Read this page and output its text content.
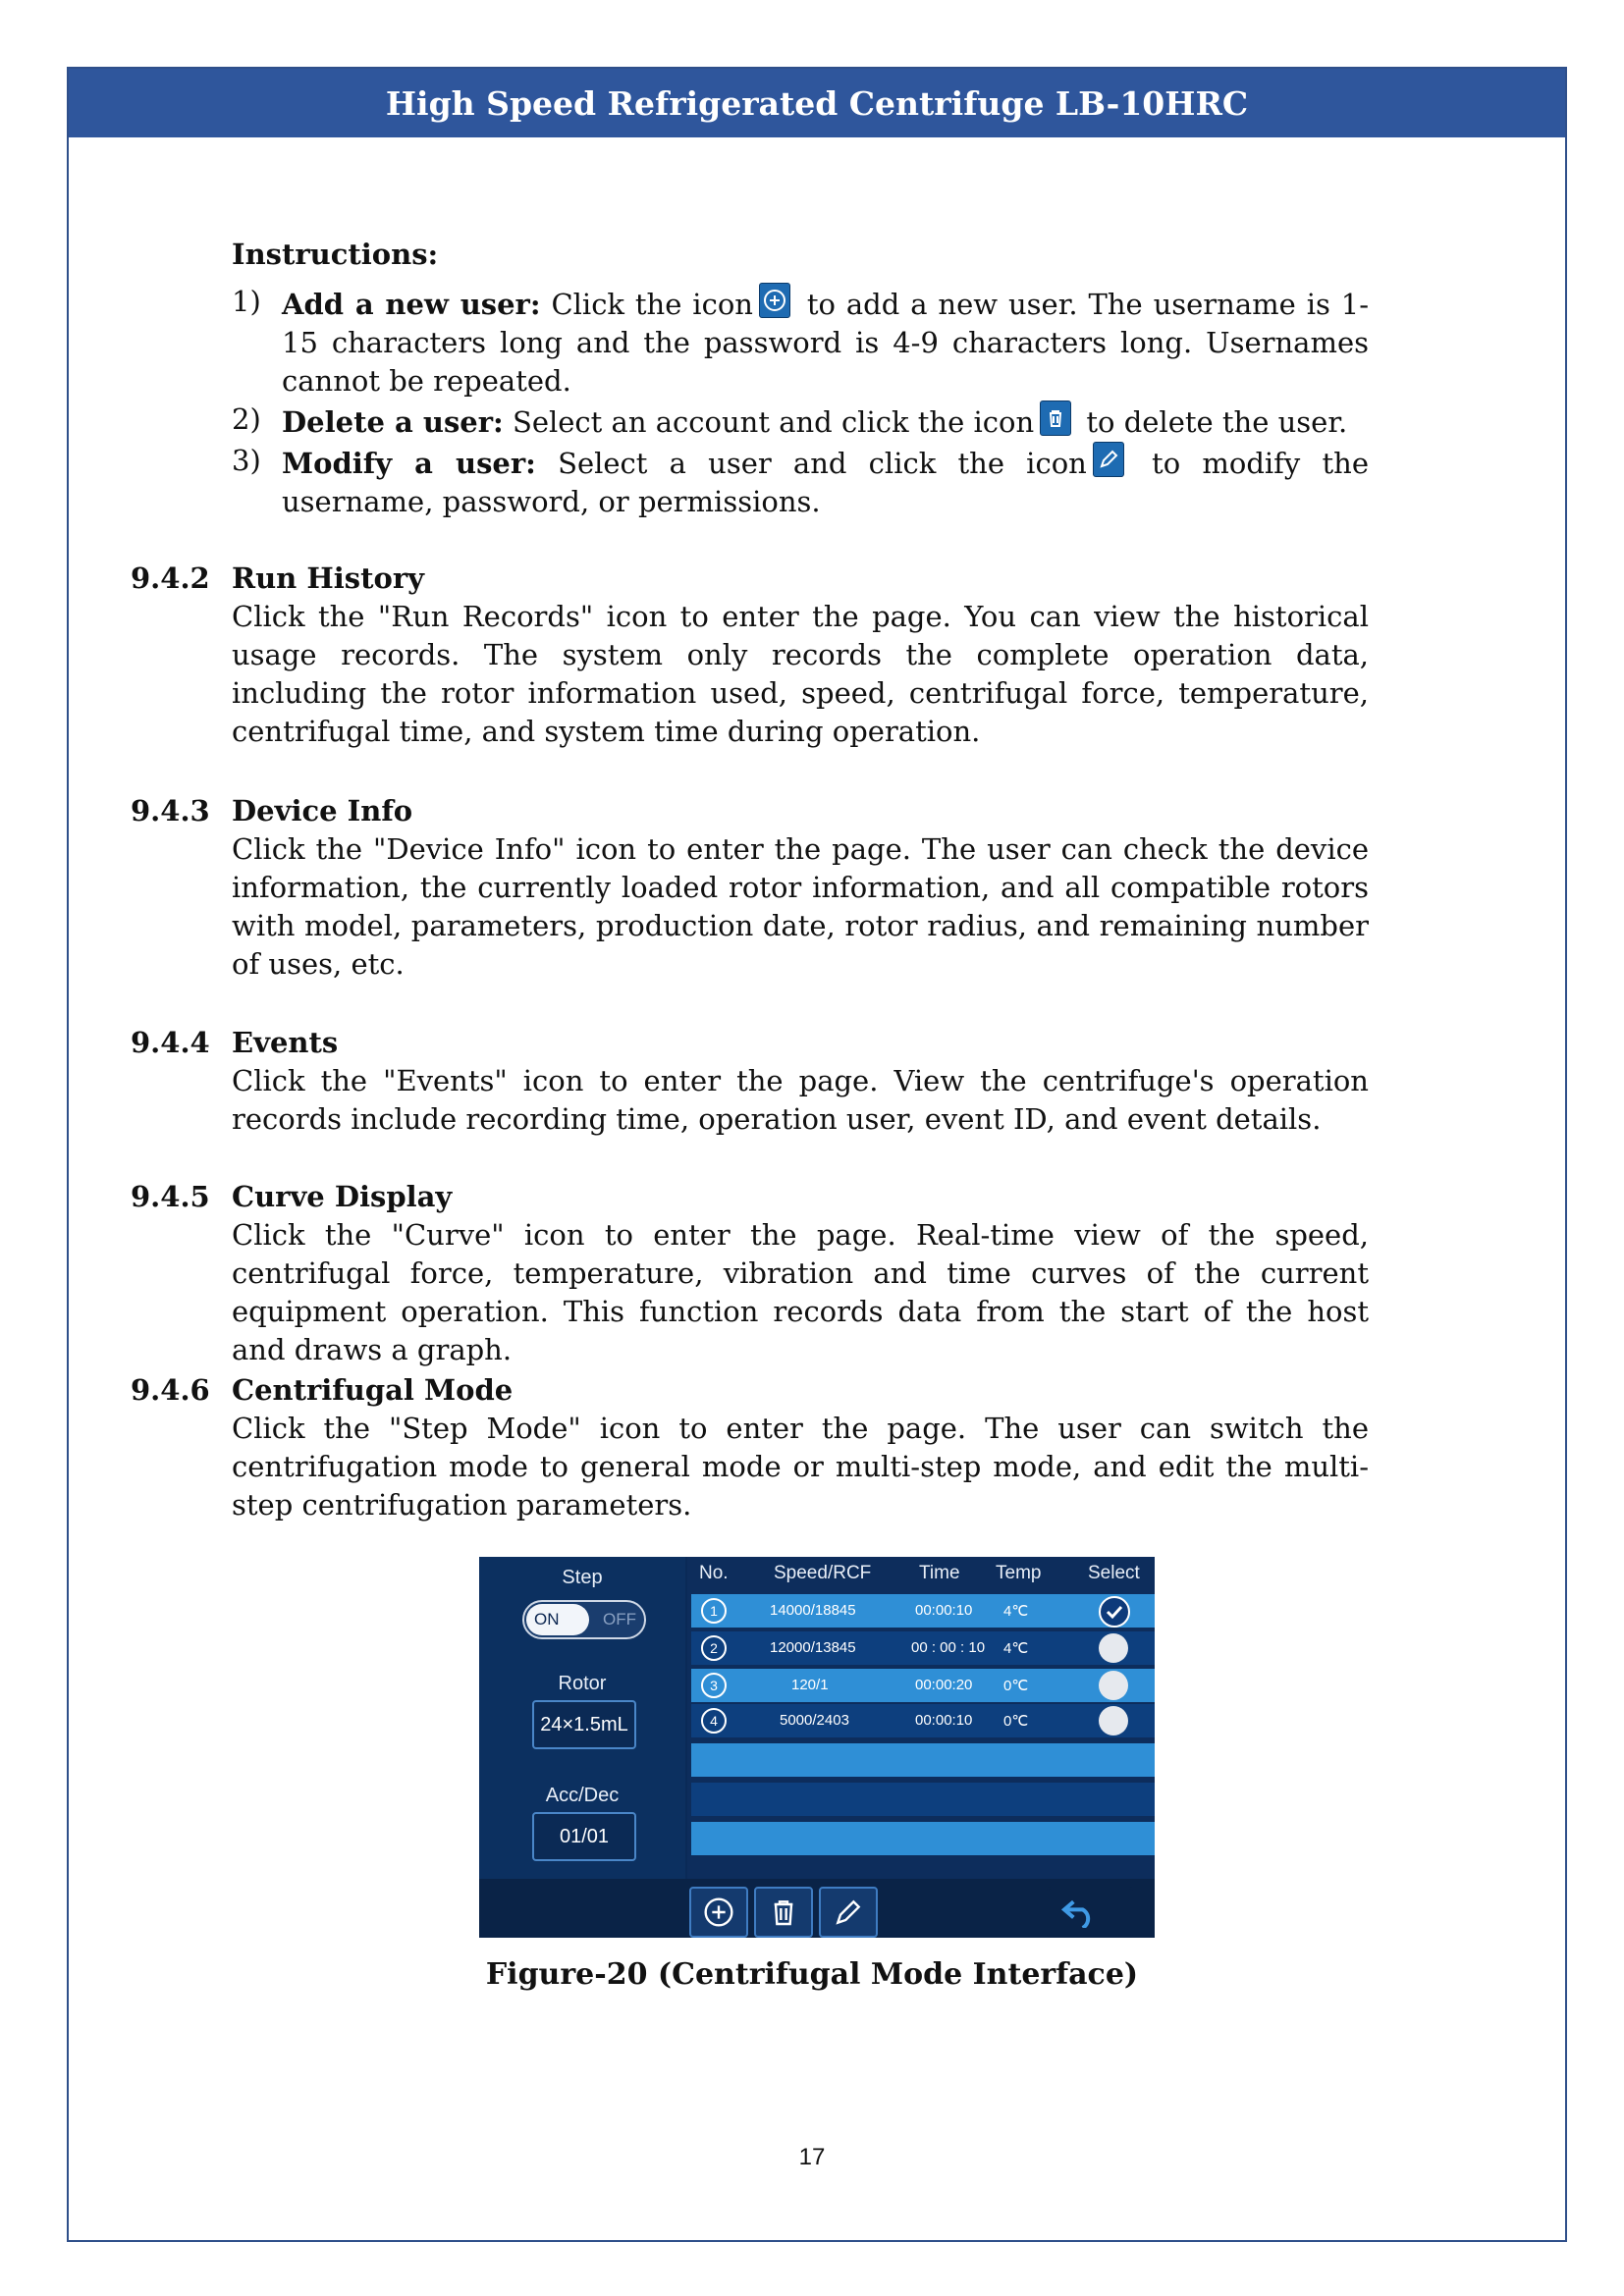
High Speed Refrigerated Centrifuge LB-10HRC
Instructions:
1) Add a new user: Click the icon
to add a new user. The username is 1-15 characters long and the password is 4-9 characters long. Usernames cannot be repeated.
2) Delete a user: Select an account and click the icon
to delete the user.
3) Modify a user: Select a user and click the icon
to modify the username, password, or permissions.
9.4.2 Run History
Click the "Run Records" icon to enter the page. You can view the historical usage records. The system only records the complete operation data, including the rotor information used, speed, centrifugal force, temperature, centrifugal time, and system time during operation.
9.4.3 Device Info
Click the "Device Info" icon to enter the page. The user can check the device information, the currently loaded rotor information, and all compatible rotors with model, parameters, production date, rotor radius, and remaining number of uses, etc.
9.4.4 Events
Click the "Events" icon to enter the page. View the centrifuge's operation records include recording time, operation user, event ID, and event details.
9.4.5 Curve Display
Click the "Curve" icon to enter the page. Real-time view of the speed, centrifugal force, temperature, vibration and time curves of the current equipment operation. This function records data from the start of the host and draws a graph.
9.4.6 Centrifugal Mode
Click the "Step Mode" icon to enter the page. The user can switch the centrifugation mode to general mode or multi-step mode, and edit the multi-step centrifugation parameters.
Step
ON	OFF
Rotor
24×1.5mL
Acc/Dec
01/01
No. Speed/RCF	Time Temp	Select
1	14000/18845	00:00:10 4℃
2	12000/13845	00 : 00 : 10 4℃
3	120/1	00:00:20 0℃
4	5000/2403	00:00:10 0℃
Figure-20 (Centrifugal Mode Interface)
17
